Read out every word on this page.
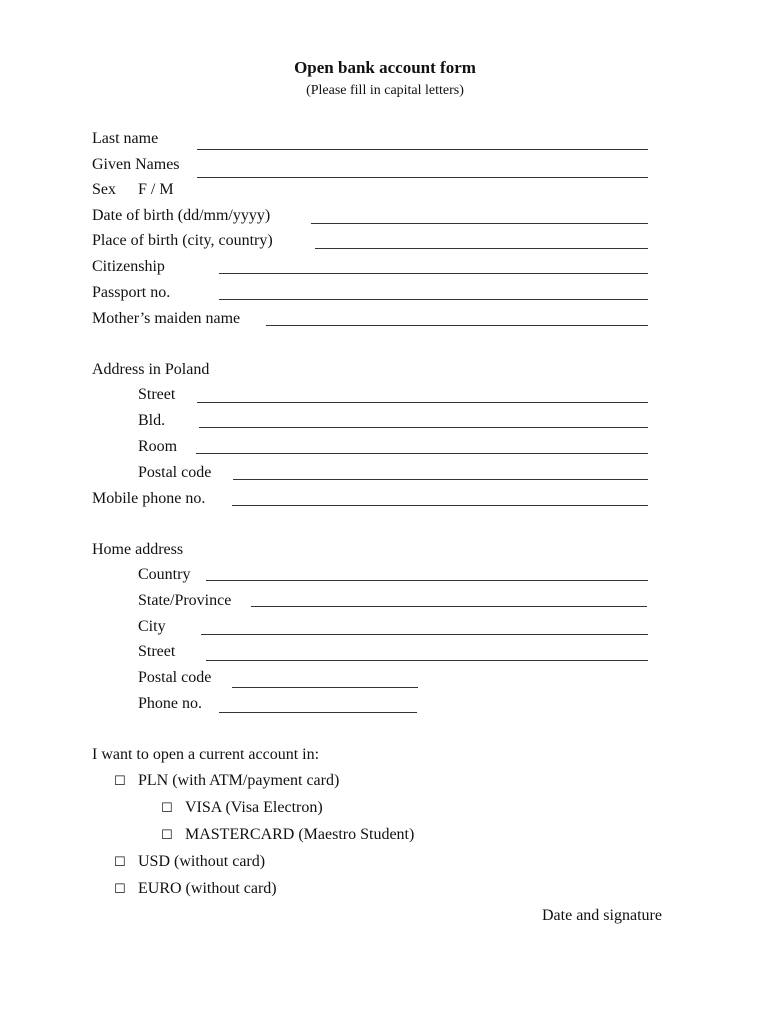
Open bank account form
(Please fill in capital letters)
Last name
Given Names
Sex F / M
Date of birth (dd/mm/yyyy)
Place of birth (city, country)
Citizenship
Passport no.
Mother’s maiden name
Address in Poland
Street
Bld.
Room
Postal code
Mobile phone no.
Home address
Country
State/Province
City
Street
Postal code
Phone no.
I want to open a current account in:
☐ PLN (with ATM/payment card)
☐ VISA (Visa Electron)
☐ MASTERCARD (Maestro Student)
☐ USD (without card)
☐ EURO (without card)
Date and signature
